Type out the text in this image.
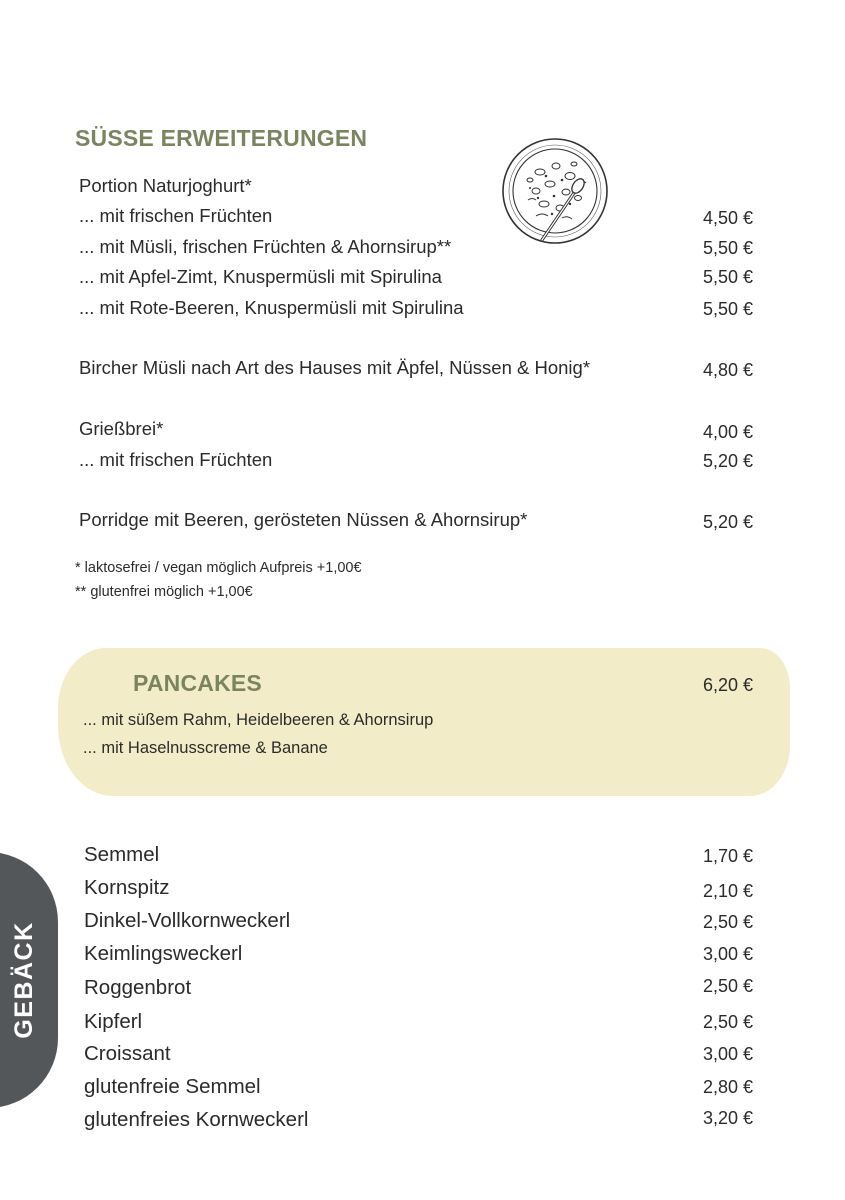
SÜSSE ERWEITERUNGEN
Portion Naturjoghurt*
... mit frischen Früchten	4,50 €
... mit Müsli, frischen Früchten & Ahornsirup**	5,50 €
... mit Apfel-Zimt, Knuspermüsli mit Spirulina	5,50 €
... mit Rote-Beeren, Knuspermüsli mit Spirulina	5,50 €
Bircher Müsli nach Art des Hauses mit Äpfel, Nüssen & Honig*	4,80 €
Grießbrei*	4,00 €
... mit frischen Früchten	5,20 €
Porridge mit Beeren, gerösteten Nüssen & Ahornsirup*	5,20 €
* laktosefrei / vegan möglich Aufpreis +1,00€
** glutenfrei möglich +1,00€
PANCAKES	6,20 €
... mit süßem Rahm, Heidelbeeren & Ahornsirup
... mit Haselnusscreme & Banane
GEBÄCK
Semmel	1,70 €
Kornspitz	2,10 €
Dinkel-Vollkornweckerl	2,50 €
Keimlingsweckerl	3,00 €
Roggenbrot	2,50 €
Kipferl	2,50 €
Croissant	3,00 €
glutenfreie Semmel	2,80 €
glutenfreies Kornweckerl	3,20 €
